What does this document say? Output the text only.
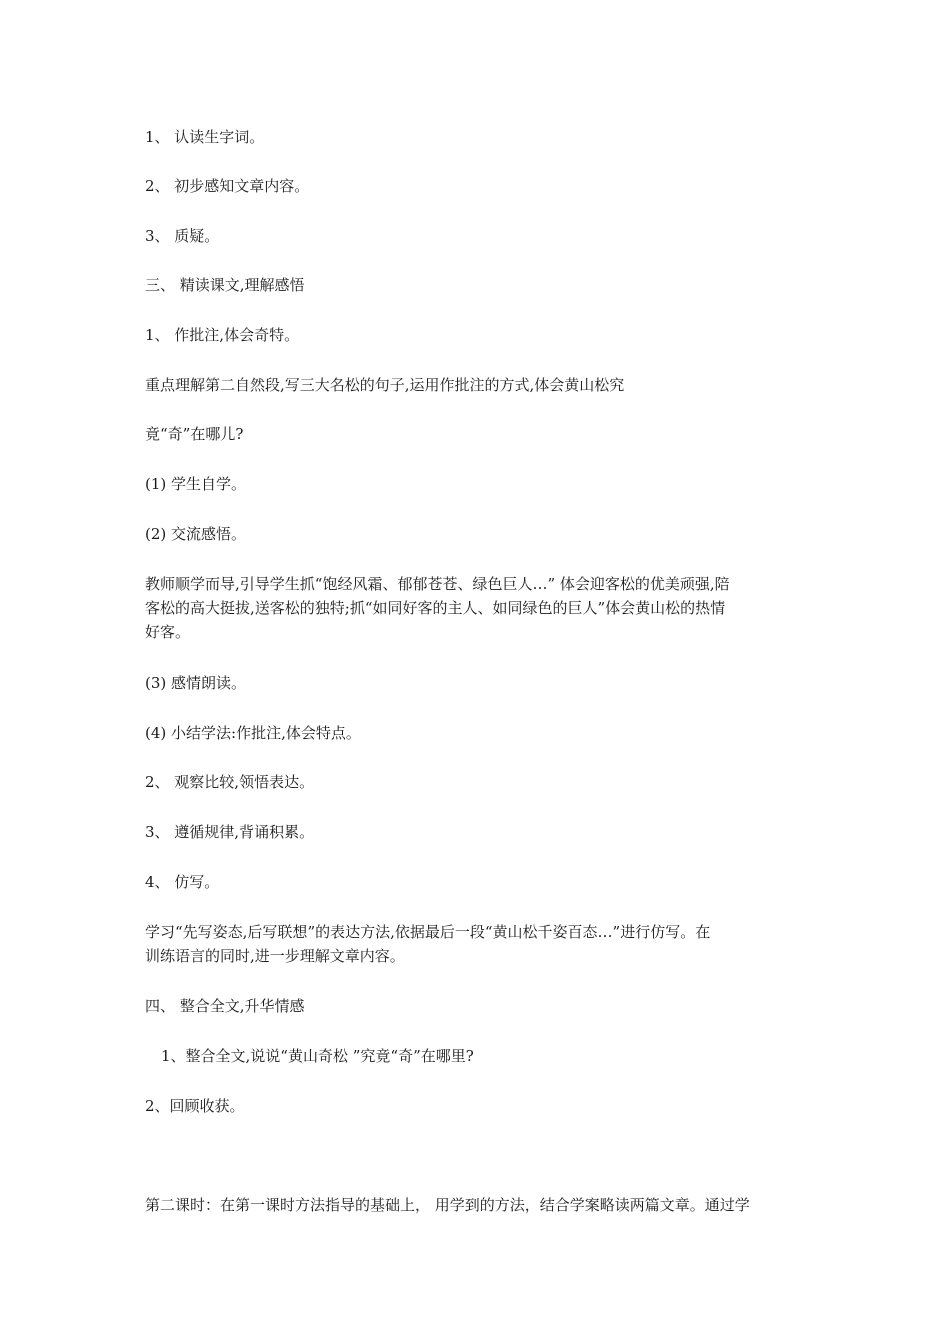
1、 认读生字词。
2、 初步感知文章内容。
3、 质疑。
三、 精读课文,理解感悟
1、 作批注,体会奇特。
重点理解第二自然段,写三大名松的句子,运用作批注的方式,体会黄山松究
竟“奇”在哪儿?
(1) 学生自学。
(2) 交流感悟。
教师顺学而导,引导学生抓“饱经风霜、郁郁苍苍、绿色巨人…” 体会迎客松的优美顽强,陪
客松的高大挺拔,送客松的独特;抓“如同好客的主人、如同绿色的巨人”体会黄山松的热情
好客。
(3) 感情朗读。
(4) 小结学法:作批注,体会特点。
2、 观察比较,领悟表达。
3、 遵循规律,背诵积累。
4、 仿写。
学习“先写姿态,后写联想”的表达方法,依据最后一段“黄山松千姿百态…”进行仿写。在
训练语言的同时,进一步理解文章内容。
四、 整合全文,升华情感
1、整合全文,说说“黄山奇松 ”究竟“奇”在哪里?
2、回顾收获。
第二课时：在第一课时方法指导的基础上， 用学到的方法，结合学案略读两篇文章。通过学
